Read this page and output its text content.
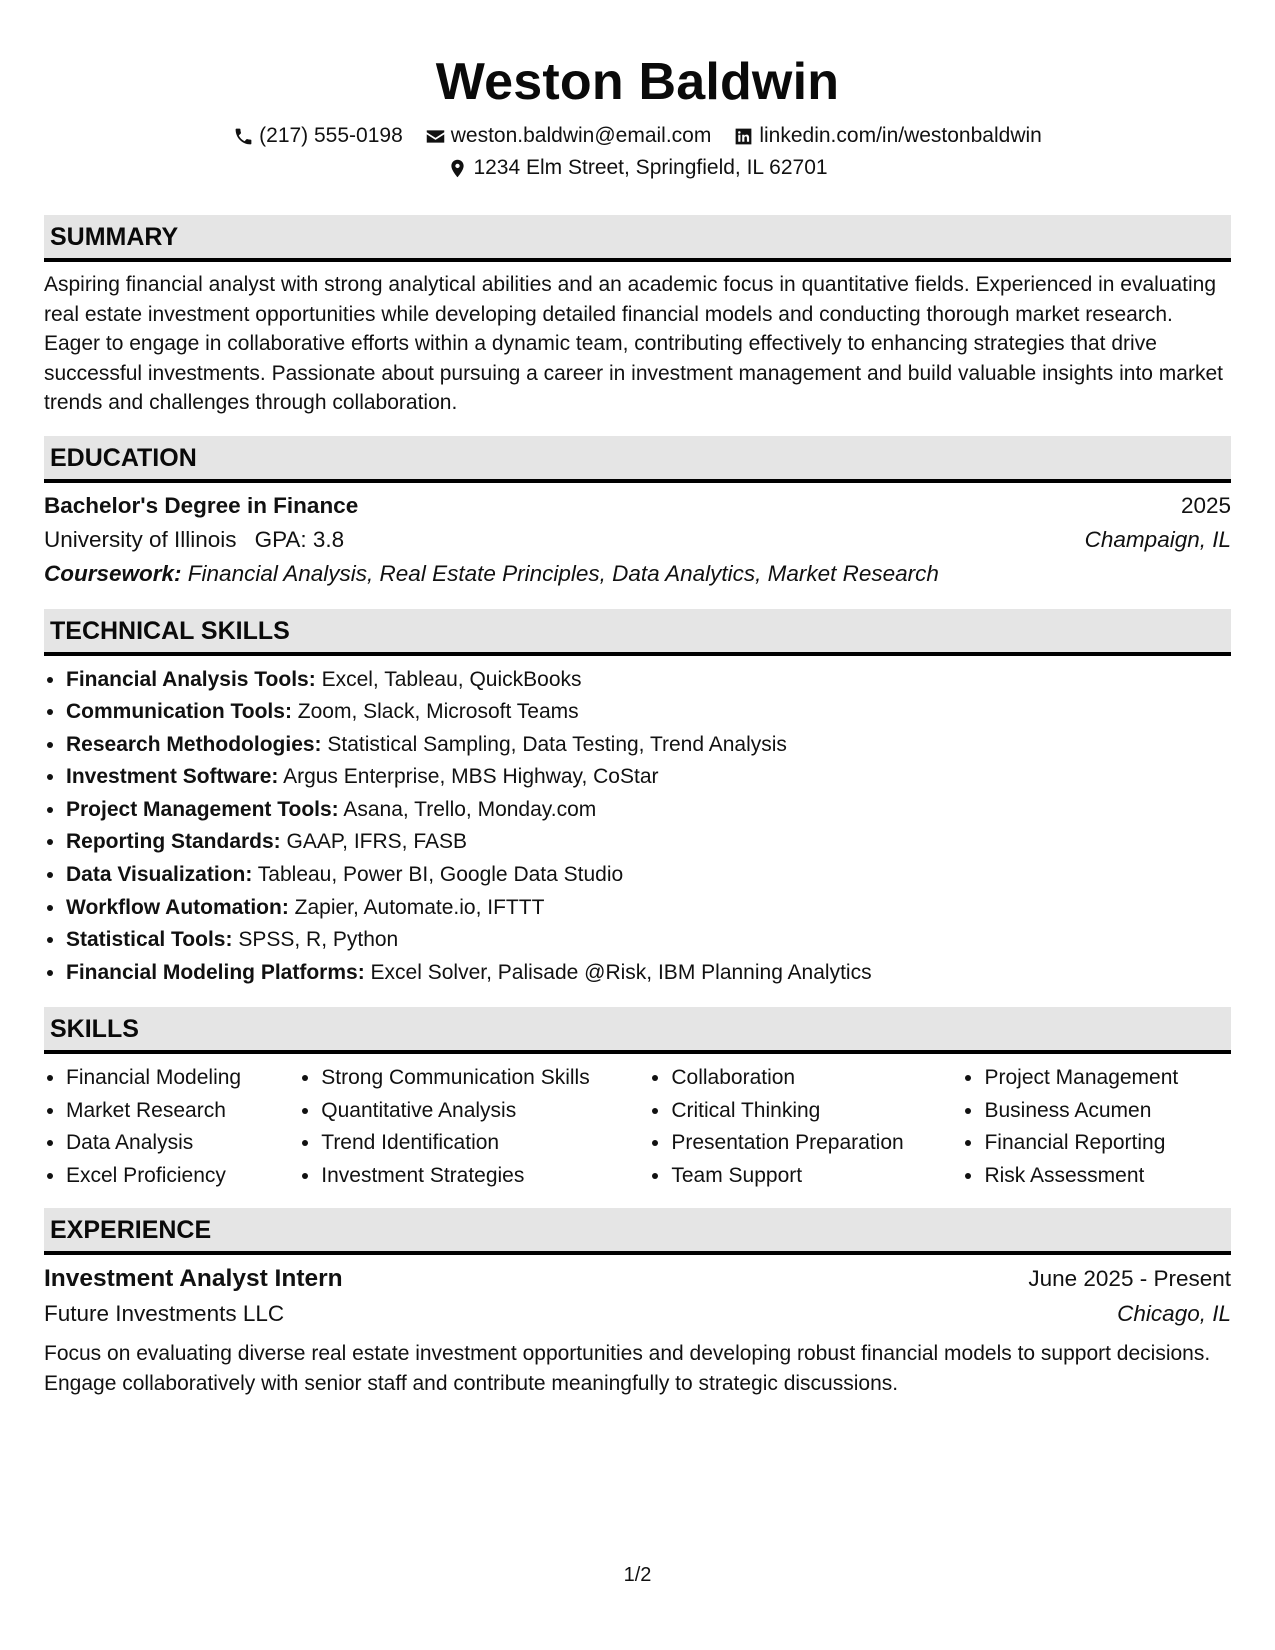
Weston Baldwin
(217) 555-0198 weston.baldwin@email.com linkedin.com/in/westonbaldwin
1234 Elm Street, Springfield, IL 62701
SUMMARY
Aspiring financial analyst with strong analytical abilities and an academic focus in quantitative fields. Experienced in evaluating real estate investment opportunities while developing detailed financial models and conducting thorough market research. Eager to engage in collaborative efforts within a dynamic team, contributing effectively to enhancing strategies that drive successful investments. Passionate about pursuing a career in investment management and build valuable insights into market trends and challenges through collaboration.
EDUCATION
Bachelor's Degree in Finance	2025
University of Illinois GPA: 3.8	Champaign, IL
Coursework: Financial Analysis, Real Estate Principles, Data Analytics, Market Research
TECHNICAL SKILLS
• Financial Analysis Tools: Excel, Tableau, QuickBooks
• Communication Tools: Zoom, Slack, Microsoft Teams
• Research Methodologies: Statistical Sampling, Data Testing, Trend Analysis
• Investment Software: Argus Enterprise, MBS Highway, CoStar
• Project Management Tools: Asana, Trello, Monday.com
• Reporting Standards: GAAP, IFRS, FASB
• Data Visualization: Tableau, Power BI, Google Data Studio
• Workflow Automation: Zapier, Automate.io, IFTTT
• Statistical Tools: SPSS, R, Python
• Financial Modeling Platforms: Excel Solver, Palisade @Risk, IBM Planning Analytics
SKILLS
• Financial Modeling
• Market Research
• Data Analysis
• Excel Proficiency
• Strong Communication Skills
• Quantitative Analysis
• Trend Identification
• Investment Strategies
• Collaboration
• Critical Thinking
• Presentation Preparation
• Team Support
• Project Management
• Business Acumen
• Financial Reporting
• Risk Assessment
EXPERIENCE
Investment Analyst Intern	June 2025 - Present
Future Investments LLC	Chicago, IL
Focus on evaluating diverse real estate investment opportunities and developing robust financial models to support decisions. Engage collaboratively with senior staff and contribute meaningfully to strategic discussions.
1/2
